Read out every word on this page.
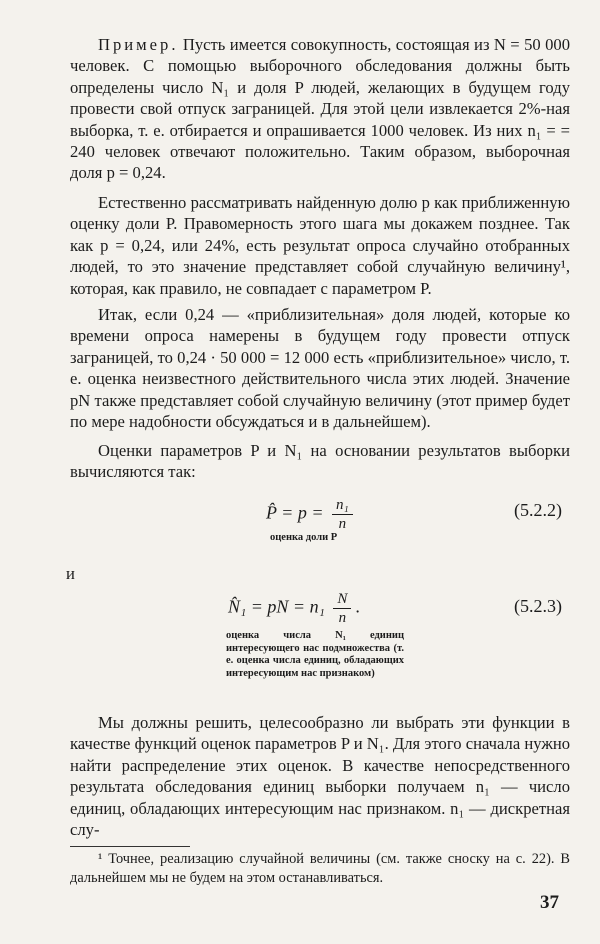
Пример. Пусть имеется совокупность, состоящая из N = 50 000 человек. С помощью выборочного обследования должны быть определены число N₁ и доля P людей, желающих в будущем году провести свой отпуск заграницей. Для этой цели извлекается 2%-ная выборка, т. е. отбирается и опрашивается 1000 человек. Из них n₁ = = 240 человек отвечают положительно. Таким образом, выборочная доля p = 0,24.

Естественно рассматривать найденную долю p как приближенную оценку доли P. Правомерность этого шага мы докажем позднее. Так как p = 0,24, или 24%, есть результат опроса случайно отобранных людей, то это значение представляет собой случайную величину¹, которая, как правило, не совпадает с параметром P.

Итак, если 0,24 — «приблизительная» доля людей, которые ко времени опроса намерены в будущем году провести отпуск заграницей, то 0,24 · 50 000 = 12 000 есть «приблизительное» число, т. е. оценка неизвестного действительного числа этих людей. Значение pN также представляет собой случайную величину (этот пример будет по мере надобности обсуждаться и в дальнейшем).

Оценки параметров P и N₁ на основании результатов выборки вычисляются так:

P̂ = $p = \frac{\text{n₁}}{n}$	(5.2.2)
оценка доли P
и
N̂₁ = pN = $n_1 \frac{N}{n}$ .	(5.2.3)
оценка числа N₁ единиц интересующего нас подмножества (т. е. оценка числа единиц, обладающих интересующим нас признаком)

Мы должны решить, целесообразно ли выбрать эти функции в качестве функций оценок параметров P и N₁. Для этого сначала нужно найти распределение этих оценок. В качестве непосредственного результата обследования единиц выборки получаем n₁ — число единиц, обладающих интересующим нас признаком. n₁ — дискретная слу-

¹ Точнее, реализацию случайной величины (см. также сноску на с. 22). В дальнейшем мы не будем на этом останавливаться.
37
